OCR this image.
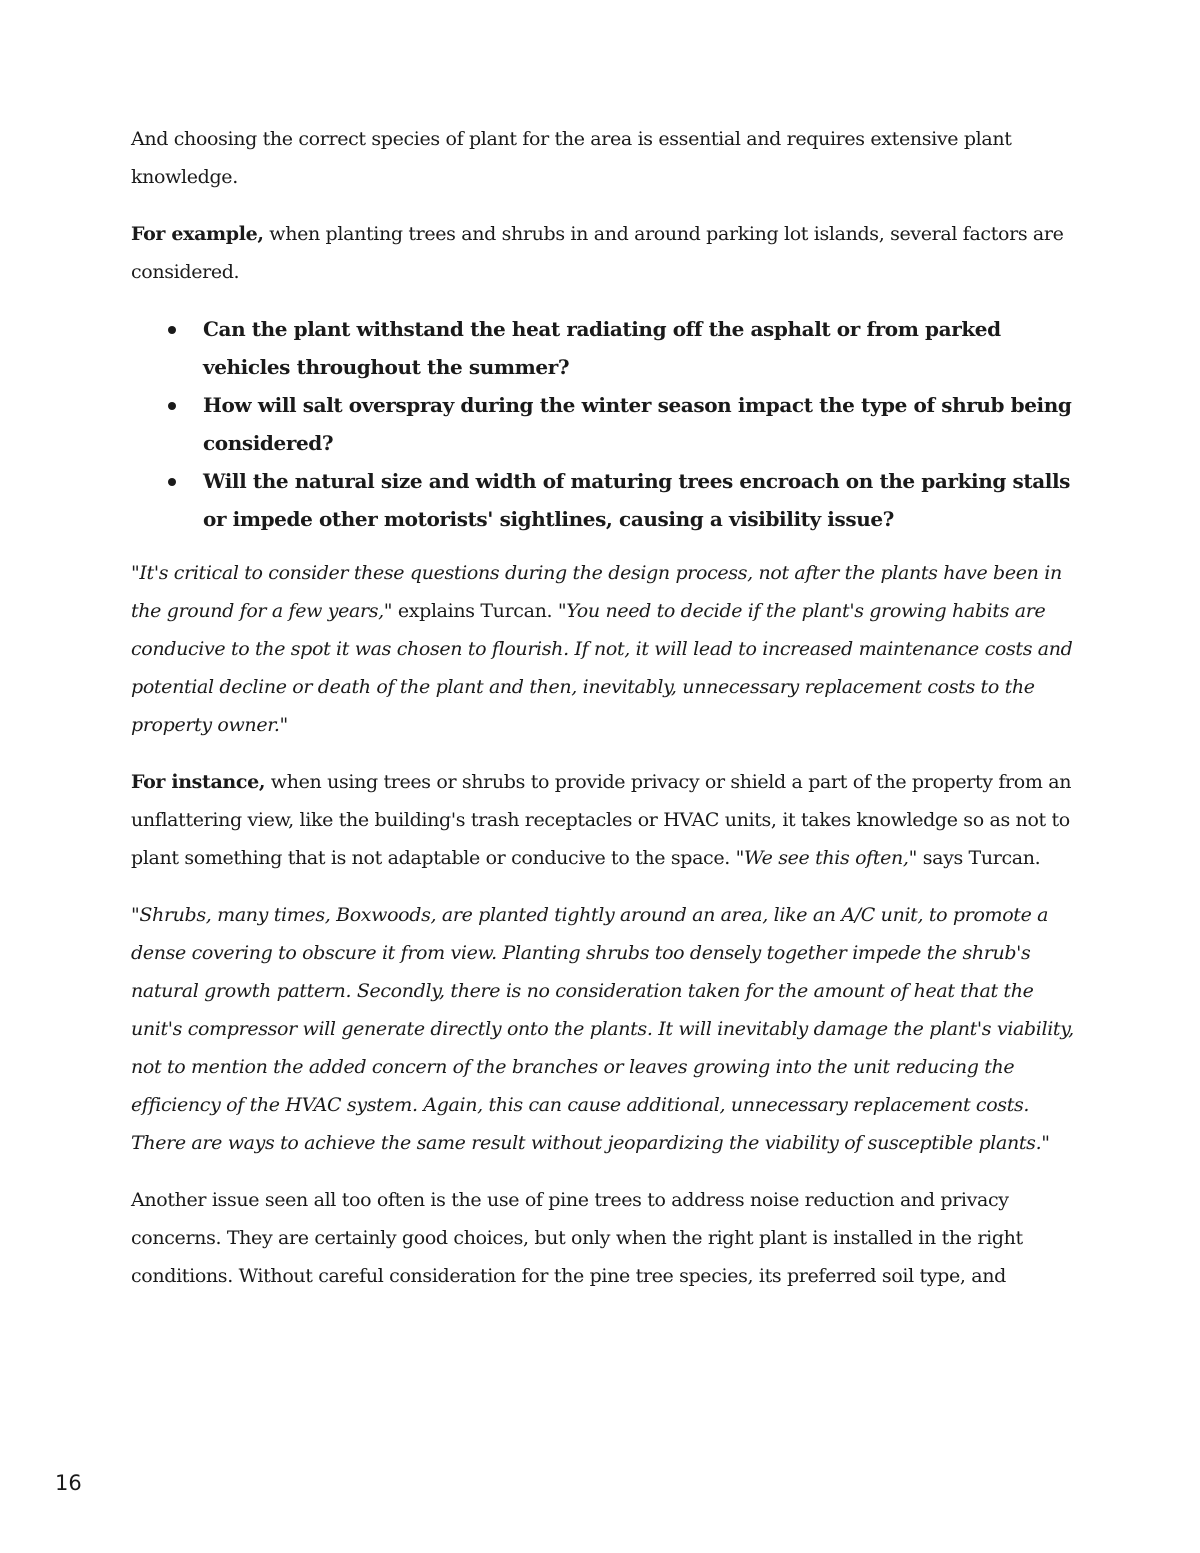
And choosing the correct species of plant for the area is essential and requires extensive plant knowledge.

For example, when planting trees and shrubs in and around parking lot islands, several factors are considered.

Can the plant withstand the heat radiating off the asphalt or from parked vehicles throughout the summer?
How will salt overspray during the winter season impact the type of shrub being considered?
Will the natural size and width of maturing trees encroach on the parking stalls or impede other motorists' sightlines, causing a visibility issue?

"It's critical to consider these questions during the design process, not after the plants have been in the ground for a few years," explains Turcan. "You need to decide if the plant's growing habits are conducive to the spot it was chosen to flourish. If not, it will lead to increased maintenance costs and potential decline or death of the plant and then, inevitably, unnecessary replacement costs to the property owner."

For instance, when using trees or shrubs to provide privacy or shield a part of the property from an unflattering view, like the building's trash receptacles or HVAC units, it takes knowledge so as not to plant something that is not adaptable or conducive to the space. "We see this often," says Turcan.

"Shrubs, many times, Boxwoods, are planted tightly around an area, like an A/C unit, to promote a dense covering to obscure it from view. Planting shrubs too densely together impede the shrub's natural growth pattern. Secondly, there is no consideration taken for the amount of heat that the unit's compressor will generate directly onto the plants. It will inevitably damage the plant's viability, not to mention the added concern of the branches or leaves growing into the unit reducing the efficiency of the HVAC system. Again, this can cause additional, unnecessary replacement costs. There are ways to achieve the same result without jeopardizing the viability of susceptible plants."

Another issue seen all too often is the use of pine trees to address noise reduction and privacy concerns. They are certainly good choices, but only when the right plant is installed in the right conditions. Without careful consideration for the pine tree species, its preferred soil type, and

16
